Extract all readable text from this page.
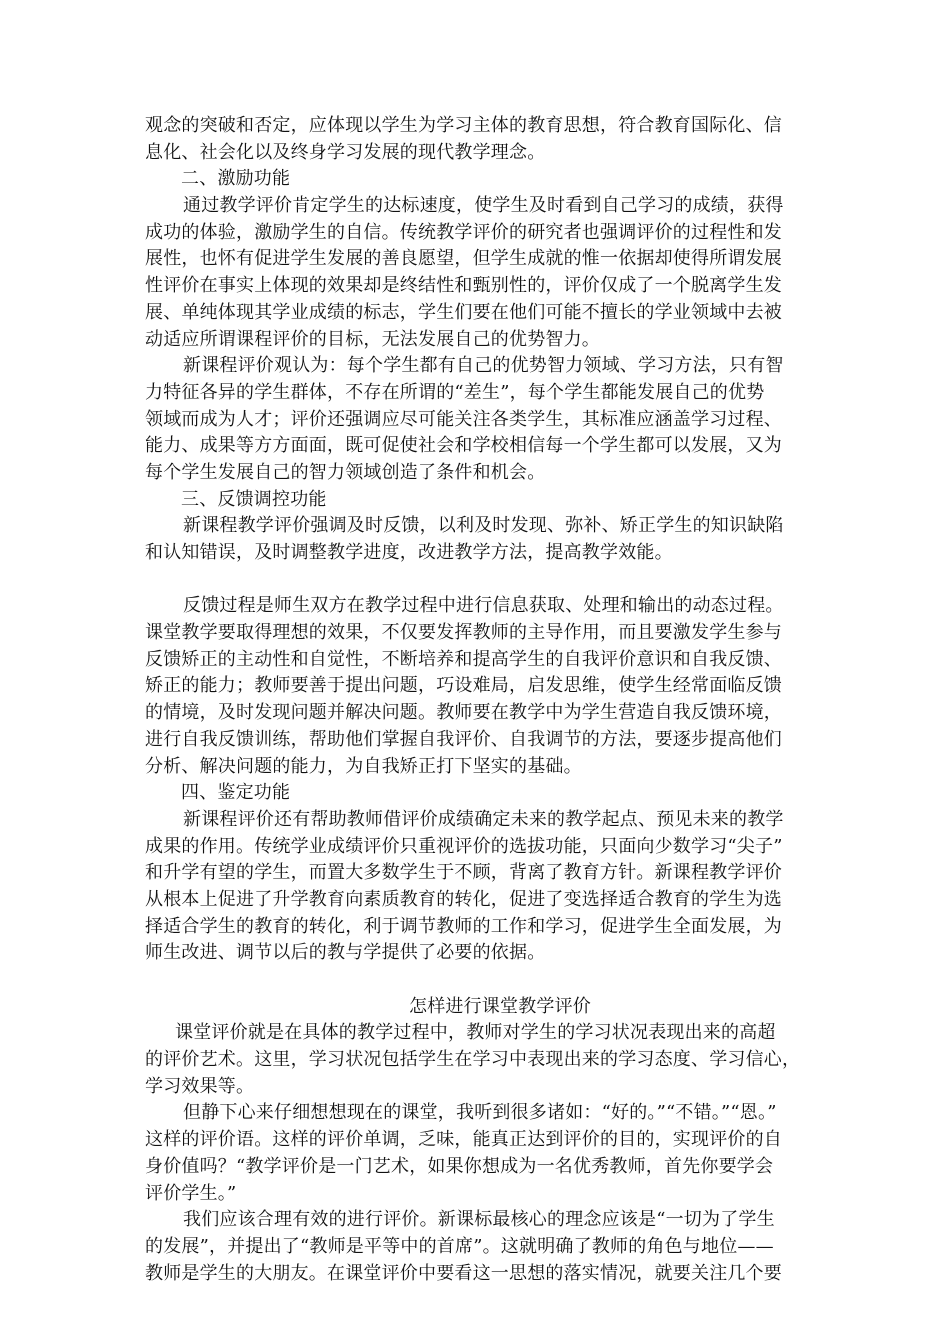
观念的突破和否定，应体现以学生为学习主体的教育思想，符合教育国际化、信
息化、社会化以及终身学习发展的现代教学理念。
二、激励功能
通过教学评价肯定学生的达标速度，使学生及时看到自己学习的成绩，获得
成功的体验，激励学生的自信。传统教学评价的研究者也强调评价的过程性和发
展性，也怀有促进学生发展的善良愿望，但学生成就的惟一依据却使得所谓发展
性评价在事实上体现的效果却是终结性和甄别性的，评价仅成了一个脱离学生发
展、单纯体现其学业成绩的标志，学生们要在他们可能不擅长的学业领域中去被
动适应所谓课程评价的目标，无法发展自己的优势智力。
新课程评价观认为：每个学生都有自己的优势智力领域、学习方法，只有智
力特征各异的学生群体，不存在所谓的“差生”，每个学生都能发展自己的优势
领域而成为人才；评价还强调应尽可能关注各类学生，其标准应涵盖学习过程、
能力、成果等方方面面，既可促使社会和学校相信每一个学生都可以发展，又为
每个学生发展自己的智力领域创造了条件和机会。
三、反馈调控功能
新课程教学评价强调及时反馈，以利及时发现、弥补、矫正学生的知识缺陷
和认知错误，及时调整教学进度，改进教学方法，提高教学效能。
反馈过程是师生双方在教学过程中进行信息获取、处理和输出的动态过程。
课堂教学要取得理想的效果，不仅要发挥教师的主导作用，而且要激发学生参与
反馈矫正的主动性和自觉性，不断培养和提高学生的自我评价意识和自我反馈、
矫正的能力；教师要善于提出问题，巧设难局，启发思维，使学生经常面临反馈
的情境，及时发现问题并解决问题。教师要在教学中为学生营造自我反馈环境，
进行自我反馈训练，帮助他们掌握自我评价、自我调节的方法，要逐步提高他们
分析、解决问题的能力，为自我矫正打下坚实的基础。
四、鉴定功能
新课程评价还有帮助教师借评价成绩确定未来的教学起点、预见未来的教学
成果的作用。传统学业成绩评价只重视评价的选拔功能，只面向少数学习“尖子”
和升学有望的学生，而置大多数学生于不顾，背离了教育方针。新课程教学评价
从根本上促进了升学教育向素质教育的转化，促进了变选择适合教育的学生为选
择适合学生的教育的转化，利于调节教师的工作和学习，促进学生全面发展，为
师生改进、调节以后的教与学提供了必要的依据。
怎样进行课堂教学评价
课堂评价就是在具体的教学过程中，教师对学生的学习状况表现出来的高超
的评价艺术。这里，学习状况包括学生在学习中表现出来的学习态度、学习信心，
学习效果等。
但静下心来仔细想想现在的课堂，我听到很多诸如：“好的。”“不错。”“恩。”
这样的评价语。这样的评价单调，乏味，能真正达到评价的目的，实现评价的自
身价值吗？“教学评价是一门艺术，如果你想成为一名优秀教师，首先你要学会
评价学生。”
我们应该合理有效的进行评价。新课标最核心的理念应该是“一切为了学生
的发展”，并提出了“教师是平等中的首席”。这就明确了教师的角色与地位——
教师是学生的大朋友。在课堂评价中要看这一思想的落实情况，就要关注几个要
